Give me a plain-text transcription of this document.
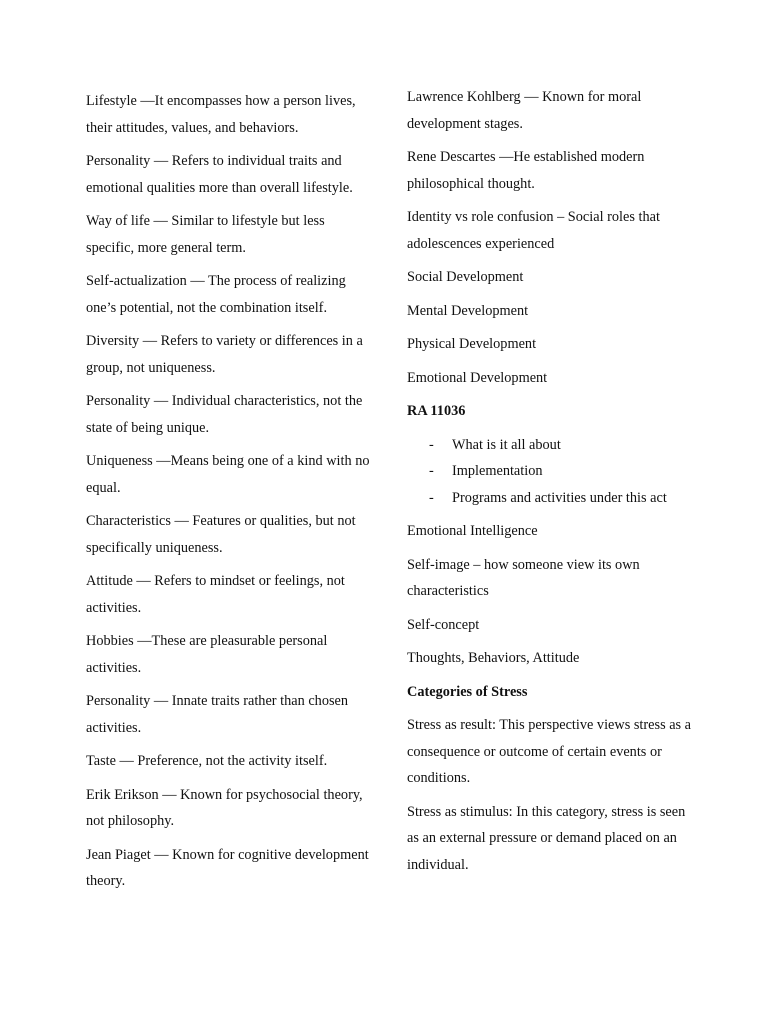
Lifestyle —It encompasses how a person lives, their attitudes, values, and behaviors.

Personality — Refers to individual traits and emotional qualities more than overall lifestyle.

Way of life — Similar to lifestyle but less specific, more general term.

Self-actualization — The process of realizing one’s potential, not the combination itself.

Diversity — Refers to variety or differences in a group, not uniqueness.

Personality — Individual characteristics, not the state of being unique.

Uniqueness —Means being one of a kind with no equal.

Characteristics — Features or qualities, but not specifically uniqueness.

Attitude — Refers to mindset or feelings, not activities.

Hobbies —These are pleasurable personal activities.

Personality — Innate traits rather than chosen activities.

Taste — Preference, not the activity itself.

Erik Erikson — Known for psychosocial theory, not philosophy.

Jean Piaget — Known for cognitive development theory.

Lawrence Kohlberg — Known for moral development stages.

Rene Descartes —He established modern philosophical thought.

Identity vs role confusion – Social roles that adolescences experienced

Social Development

Mental Development

Physical Development

Emotional Development

RA 11036

- What is it all about
- Implementation
- Programs and activities under this act

Emotional Intelligence

Self-image – how someone view its own characteristics

Self-concept

Thoughts, Behaviors, Attitude

Categories of Stress

Stress as result: This perspective views stress as a consequence or outcome of certain events or conditions.

Stress as stimulus: In this category, stress is seen as an external pressure or demand placed on an individual.
